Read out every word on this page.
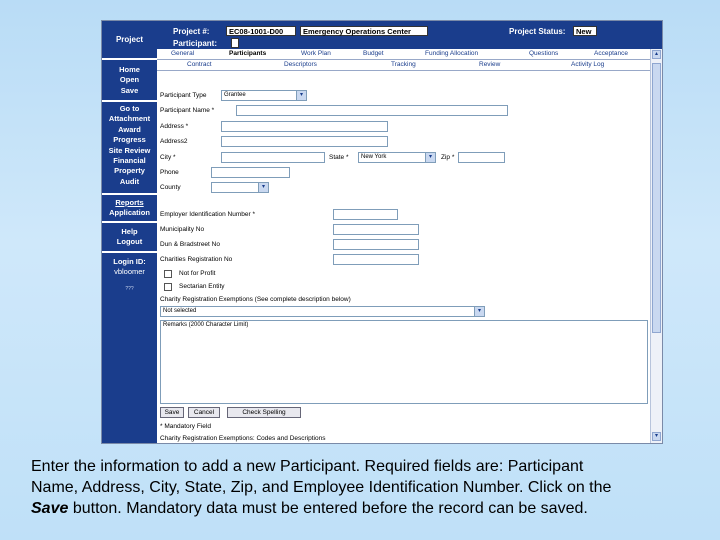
Project
Home
Open
Save
Go to
Attachment
Award
Progress
Site Review
Financial
Property
Audit
Reports
Application
Help
Logout
Login ID:
vbloomer
???
Project #:	EC08-1001-D00	Emergency Operations Center	Project Status:	New
Participant:
General	Participants	Work Plan	Budget	Funding Allocation	Questions	Acceptance
Contract	Descriptors	Tracking	Review	Activity Log
Participant Type	Grantee	▾
Participant Name *
Address *
Address2
City *	State *	New York	▾	Zip *
Phone
County	▾
Employer Identification Number *
Municipality No
Dun & Bradstreet No
Charities Registration No
Not for Profit
Sectarian Entity
Charity Registration Exemptions (See complete description below)
Not selected	▾
Remarks (2000 Character Limit)
Save	Cancel	Check Spelling
* Mandatory Field
Charity Registration Exemptions: Codes and Descriptions
▴
▾
Enter the information to add a new Participant. Required fields are: Participant
Name, Address, City, State, Zip, and Employee Identification Number. Click on the
Save button. Mandatory data must be entered before the record can be saved.
